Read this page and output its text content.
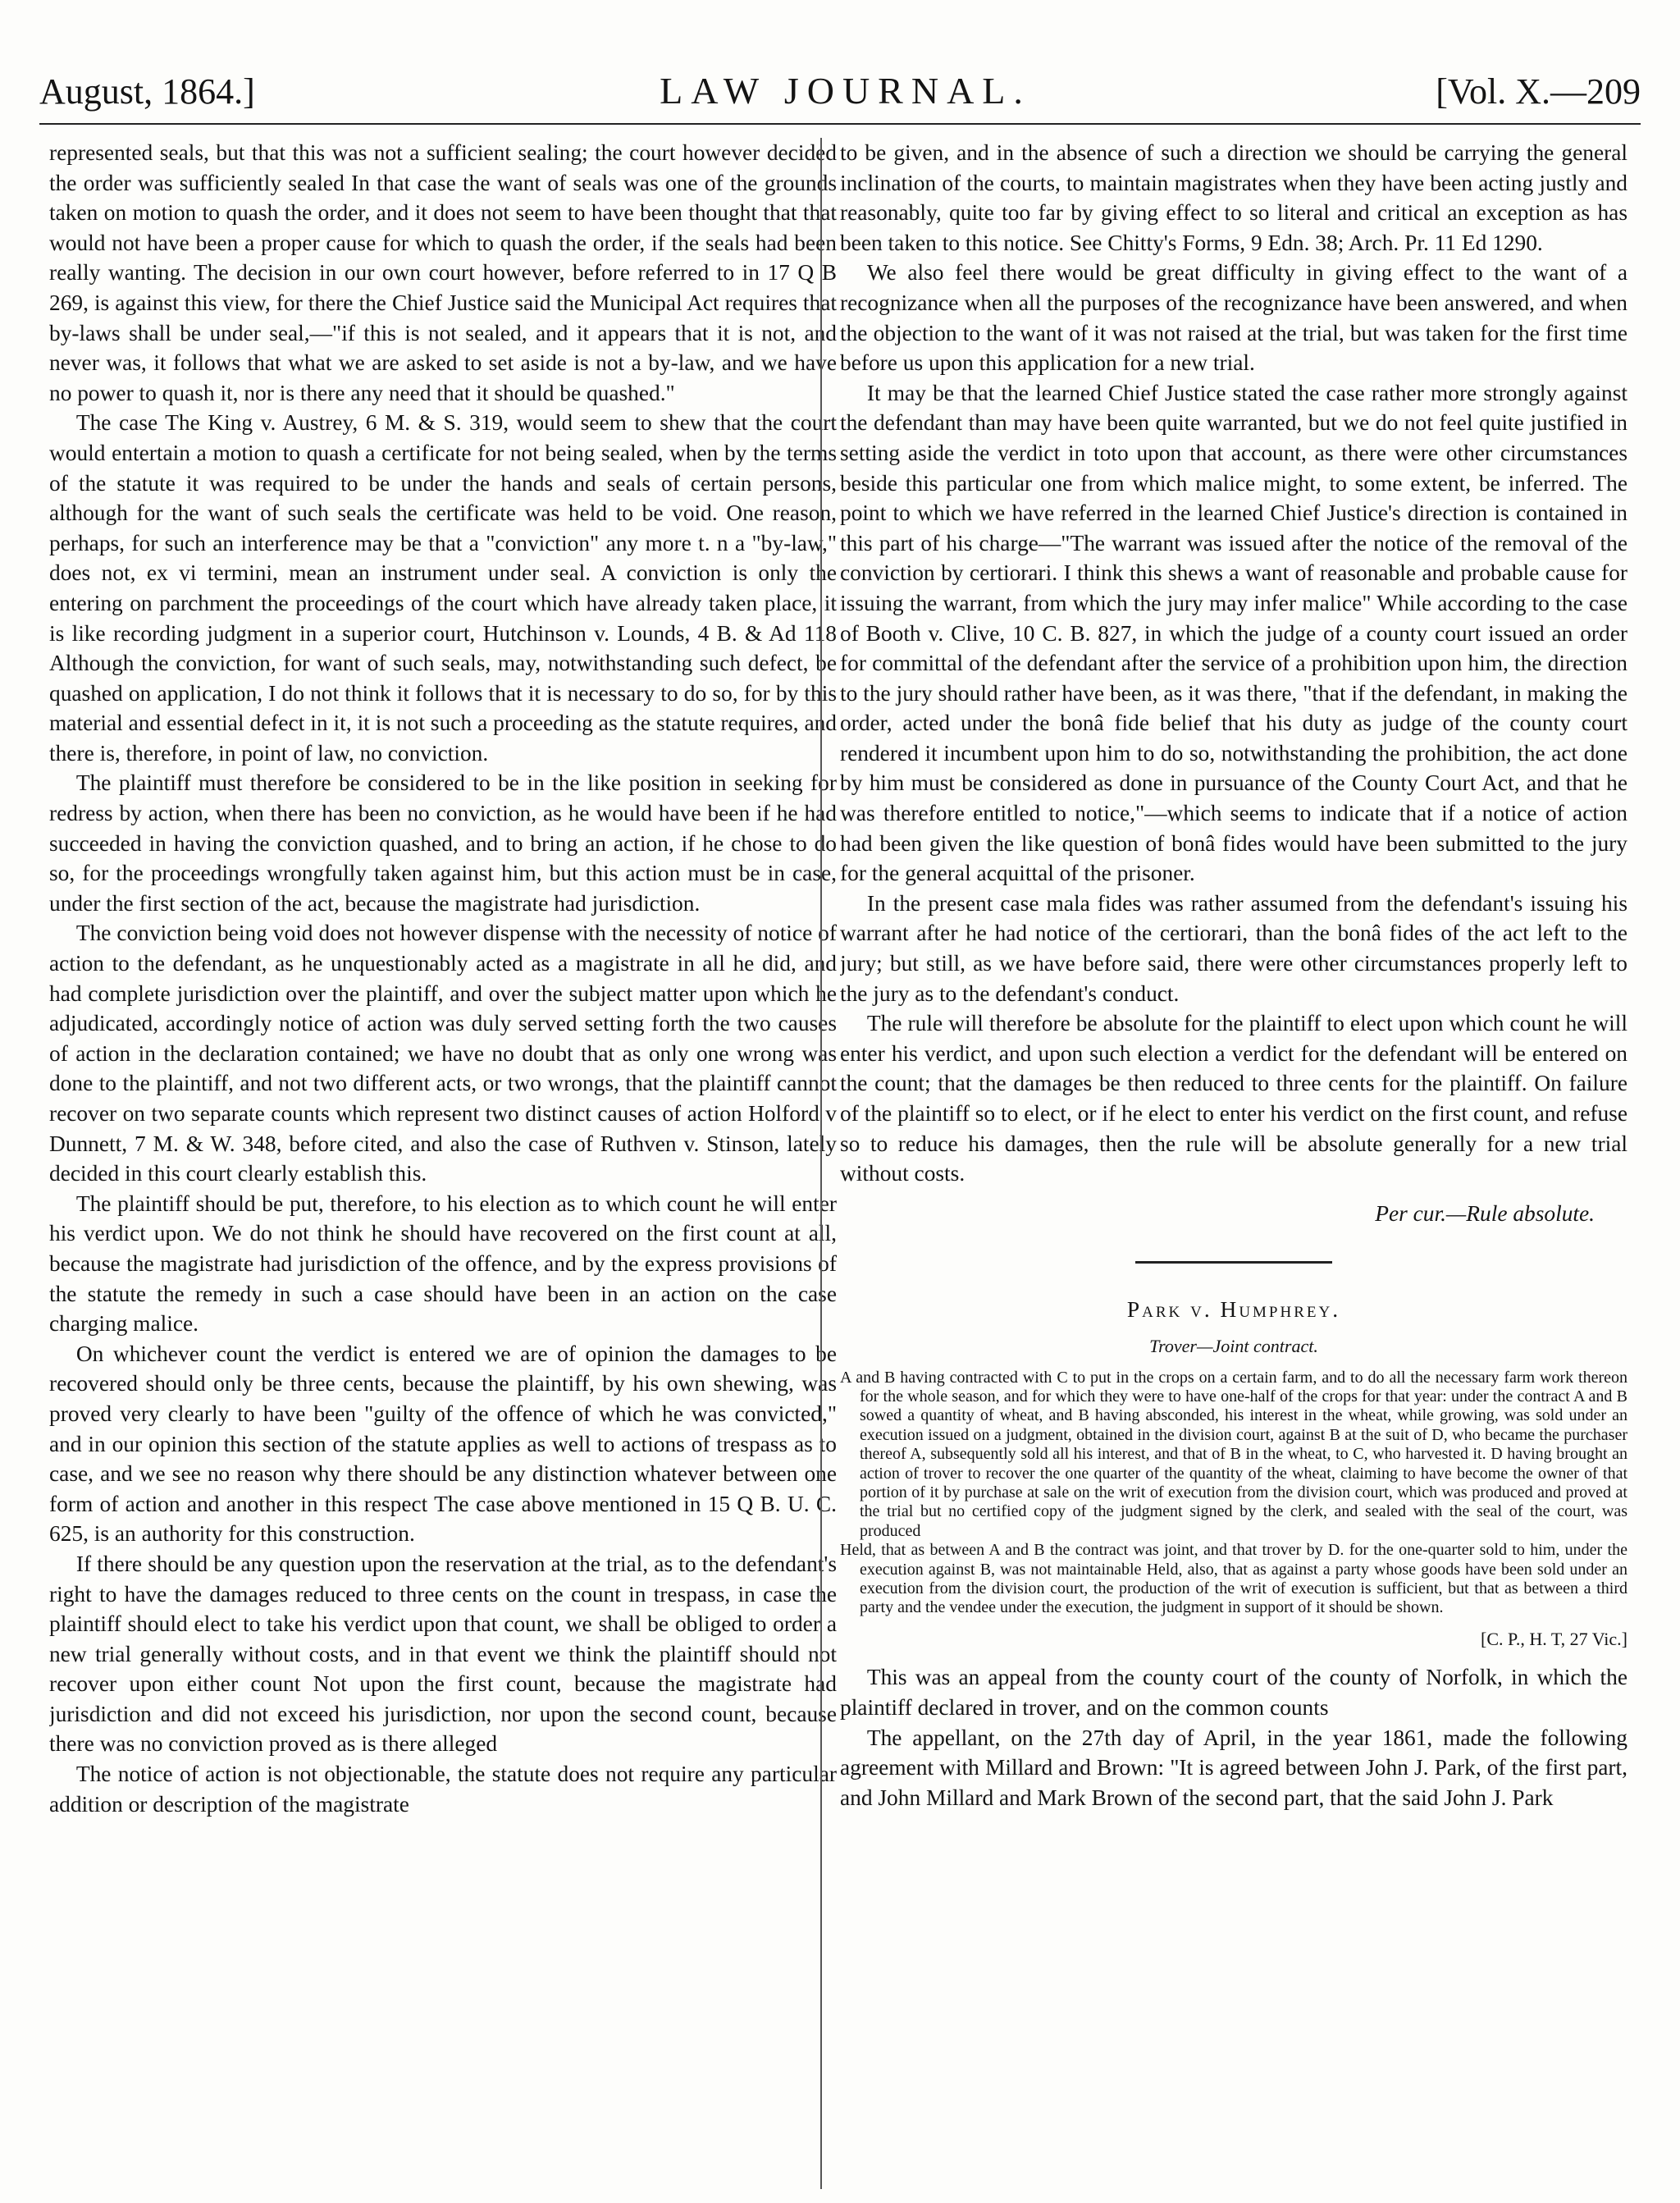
August, 1864.]	LAW JOURNAL.	[Vol. X.—209

represented seals, but that this was not a sufficient sealing; the court however decided the order was sufficiently sealed In that case the want of seals was one of the grounds taken on motion to quash the order, and it does not seem to have been thought that that would not have been a proper cause for which to quash the order, if the seals had been really wanting. The decision in our own court however, before referred to in 17 Q B 269, is against this view, for there the Chief Justice said the Municipal Act requires that by-laws shall be under seal,—"if this is not sealed, and it appears that it is not, and never was, it follows that what we are asked to set aside is not a by-law, and we have no power to quash it, nor is there any need that it should be quashed."

The case The King v. Austrey, 6 M. & S. 319, would seem to shew that the court would entertain a motion to quash a certificate for not being sealed, when by the terms of the statute it was required to be under the hands and seals of certain persons, although for the want of such seals the certificate was held to be void. One reason, perhaps, for such an interference may be that a "conviction" any more t. n a "by-law," does not, ex vi termini, mean an instrument under seal. A conviction is only the entering on parchment the proceedings of the court which have already taken place, it is like recording judgment in a superior court, Hutchinson v. Lounds, 4 B. & Ad 118 Although the conviction, for want of such seals, may, notwithstanding such defect, be quashed on application, I do not think it follows that it is necessary to do so, for by this material and essential defect in it, it is not such a proceeding as the statute requires, and there is, therefore, in point of law, no conviction.

The plaintiff must therefore be considered to be in the like position in seeking for redress by action, when there has been no conviction, as he would have been if he had succeeded in having the conviction quashed, and to bring an action, if he chose to do so, for the proceedings wrongfully taken against him, but this action must be in case, under the first section of the act, because the magistrate had jurisdiction.

The conviction being void does not however dispense with the necessity of notice of action to the defendant, as he unquestionably acted as a magistrate in all he did, and had complete jurisdiction over the plaintiff, and over the subject matter upon which he adjudicated, accordingly notice of action was duly served setting forth the two causes of action in the declaration contained; we have no doubt that as only one wrong was done to the plaintiff, and not two different acts, or two wrongs, that the plaintiff cannot recover on two separate counts which represent two distinct causes of action Holford v Dunnett, 7 M. & W. 348, before cited, and also the case of Ruthven v. Stinson, lately decided in this court clearly establish this.

The plaintiff should be put, therefore, to his election as to which count he will enter his verdict upon. We do not think he should have recovered on the first count at all, because the magistrate had jurisdiction of the offence, and by the express provisions of the statute the remedy in such a case should have been in an action on the case charging malice.

On whichever count the verdict is entered we are of opinion the damages to be recovered should only be three cents, because the plaintiff, by his own shewing, was proved very clearly to have been "guilty of the offence of which he was convicted," and in our opinion this section of the statute applies as well to actions of trespass as to case, and we see no reason why there should be any distinction whatever between one form of action and another in this respect The case above mentioned in 15 Q B. U. C. 625, is an authority for this construction.

If there should be any question upon the reservation at the trial, as to the defendant's right to have the damages reduced to three cents on the count in trespass, in case the plaintiff should elect to take his verdict upon that count, we shall be obliged to order a new trial generally without costs, and in that event we think the plaintiff should not recover upon either count Not upon the first count, because the magistrate had jurisdiction and did not exceed his jurisdiction, nor upon the second count, because there was no conviction proved as is there alleged

The notice of action is not objectionable, the statute does not require any particular addition or description of the magistrate

to be given, and in the absence of such a direction we should be carrying the general inclination of the courts, to maintain magistrates when they have been acting justly and reasonably, quite too far by giving effect to so literal and critical an exception as has been taken to this notice. See Chitty's Forms, 9 Edn. 38; Arch. Pr. 11 Ed 1290.

We also feel there would be great difficulty in giving effect to the want of a recognizance when all the purposes of the recognizance have been answered, and when the objection to the want of it was not raised at the trial, but was taken for the first time before us upon this application for a new trial.

It may be that the learned Chief Justice stated the case rather more strongly against the defendant than may have been quite warranted, but we do not feel quite justified in setting aside the verdict in toto upon that account, as there were other circumstances beside this particular one from which malice might, to some extent, be inferred. The point to which we have referred in the learned Chief Justice's direction is contained in this part of his charge—"The warrant was issued after the notice of the removal of the conviction by certiorari. I think this shews a want of reasonable and probable cause for issuing the warrant, from which the jury may infer malice" While according to the case of Booth v. Clive, 10 C. B. 827, in which the judge of a county court issued an order for committal of the defendant after the service of a prohibition upon him, the direction to the jury should rather have been, as it was there, "that if the defendant, in making the order, acted under the bonâ fide belief that his duty as judge of the county court rendered it incumbent upon him to do so, notwithstanding the prohibition, the act done by him must be considered as done in pursuance of the County Court Act, and that he was therefore entitled to notice,"—which seems to indicate that if a notice of action had been given the like question of bonâ fides would have been submitted to the jury for the general acquittal of the prisoner.

In the present case mala fides was rather assumed from the defendant's issuing his warrant after he had notice of the certiorari, than the bonâ fides of the act left to the jury; but still, as we have before said, there were other circumstances properly left to the jury as to the defendant's conduct.

The rule will therefore be absolute for the plaintiff to elect upon which count he will enter his verdict, and upon such election a verdict for the defendant will be entered on the count; that the damages be then reduced to three cents for the plaintiff. On failure of the plaintiff so to elect, or if he elect to enter his verdict on the first count, and refuse so to reduce his damages, then the rule will be absolute generally for a new trial without costs.

Per cur.—Rule absolute.
Park v. Humphrey.
Trover—Joint contract.

A and B having contracted with C to put in the crops on a certain farm, and to do all the necessary farm work thereon for the whole season, and for which they were to have one-half of the crops for that year: under the contract A and B sowed a quantity of wheat, and B having absconded, his interest in the wheat, while growing, was sold under an execution issued on a judgment, obtained in the division court, against B at the suit of D, who became the purchaser thereof A, subsequently sold all his interest, and that of B in the wheat, to C, who harvested it. D having brought an action of trover to recover the one quarter of the quantity of the wheat, claiming to have become the owner of that portion of it by purchase at sale on the writ of execution from the division court, which was produced and proved at the trial but no certified copy of the judgment signed by the clerk, and sealed with the seal of the court, was produced

Held, that as between A and B the contract was joint, and that trover by D. for the one-quarter sold to him, under the execution against B, was not maintainable Held, also, that as against a party whose goods have been sold under an execution from the division court, the production of the writ of execution is sufficient, but that as between a third party and the vendee under the execution, the judgment in support of it should be shown.

[C. P., H. T, 27 Vic.]

This was an appeal from the county court of the county of Norfolk, in which the plaintiff declared in trover, and on the common counts

The appellant, on the 27th day of April, in the year 1861, made the following agreement with Millard and Brown: "It is agreed between John J. Park, of the first part, and John Millard and Mark Brown of the second part, that the said John J. Park
